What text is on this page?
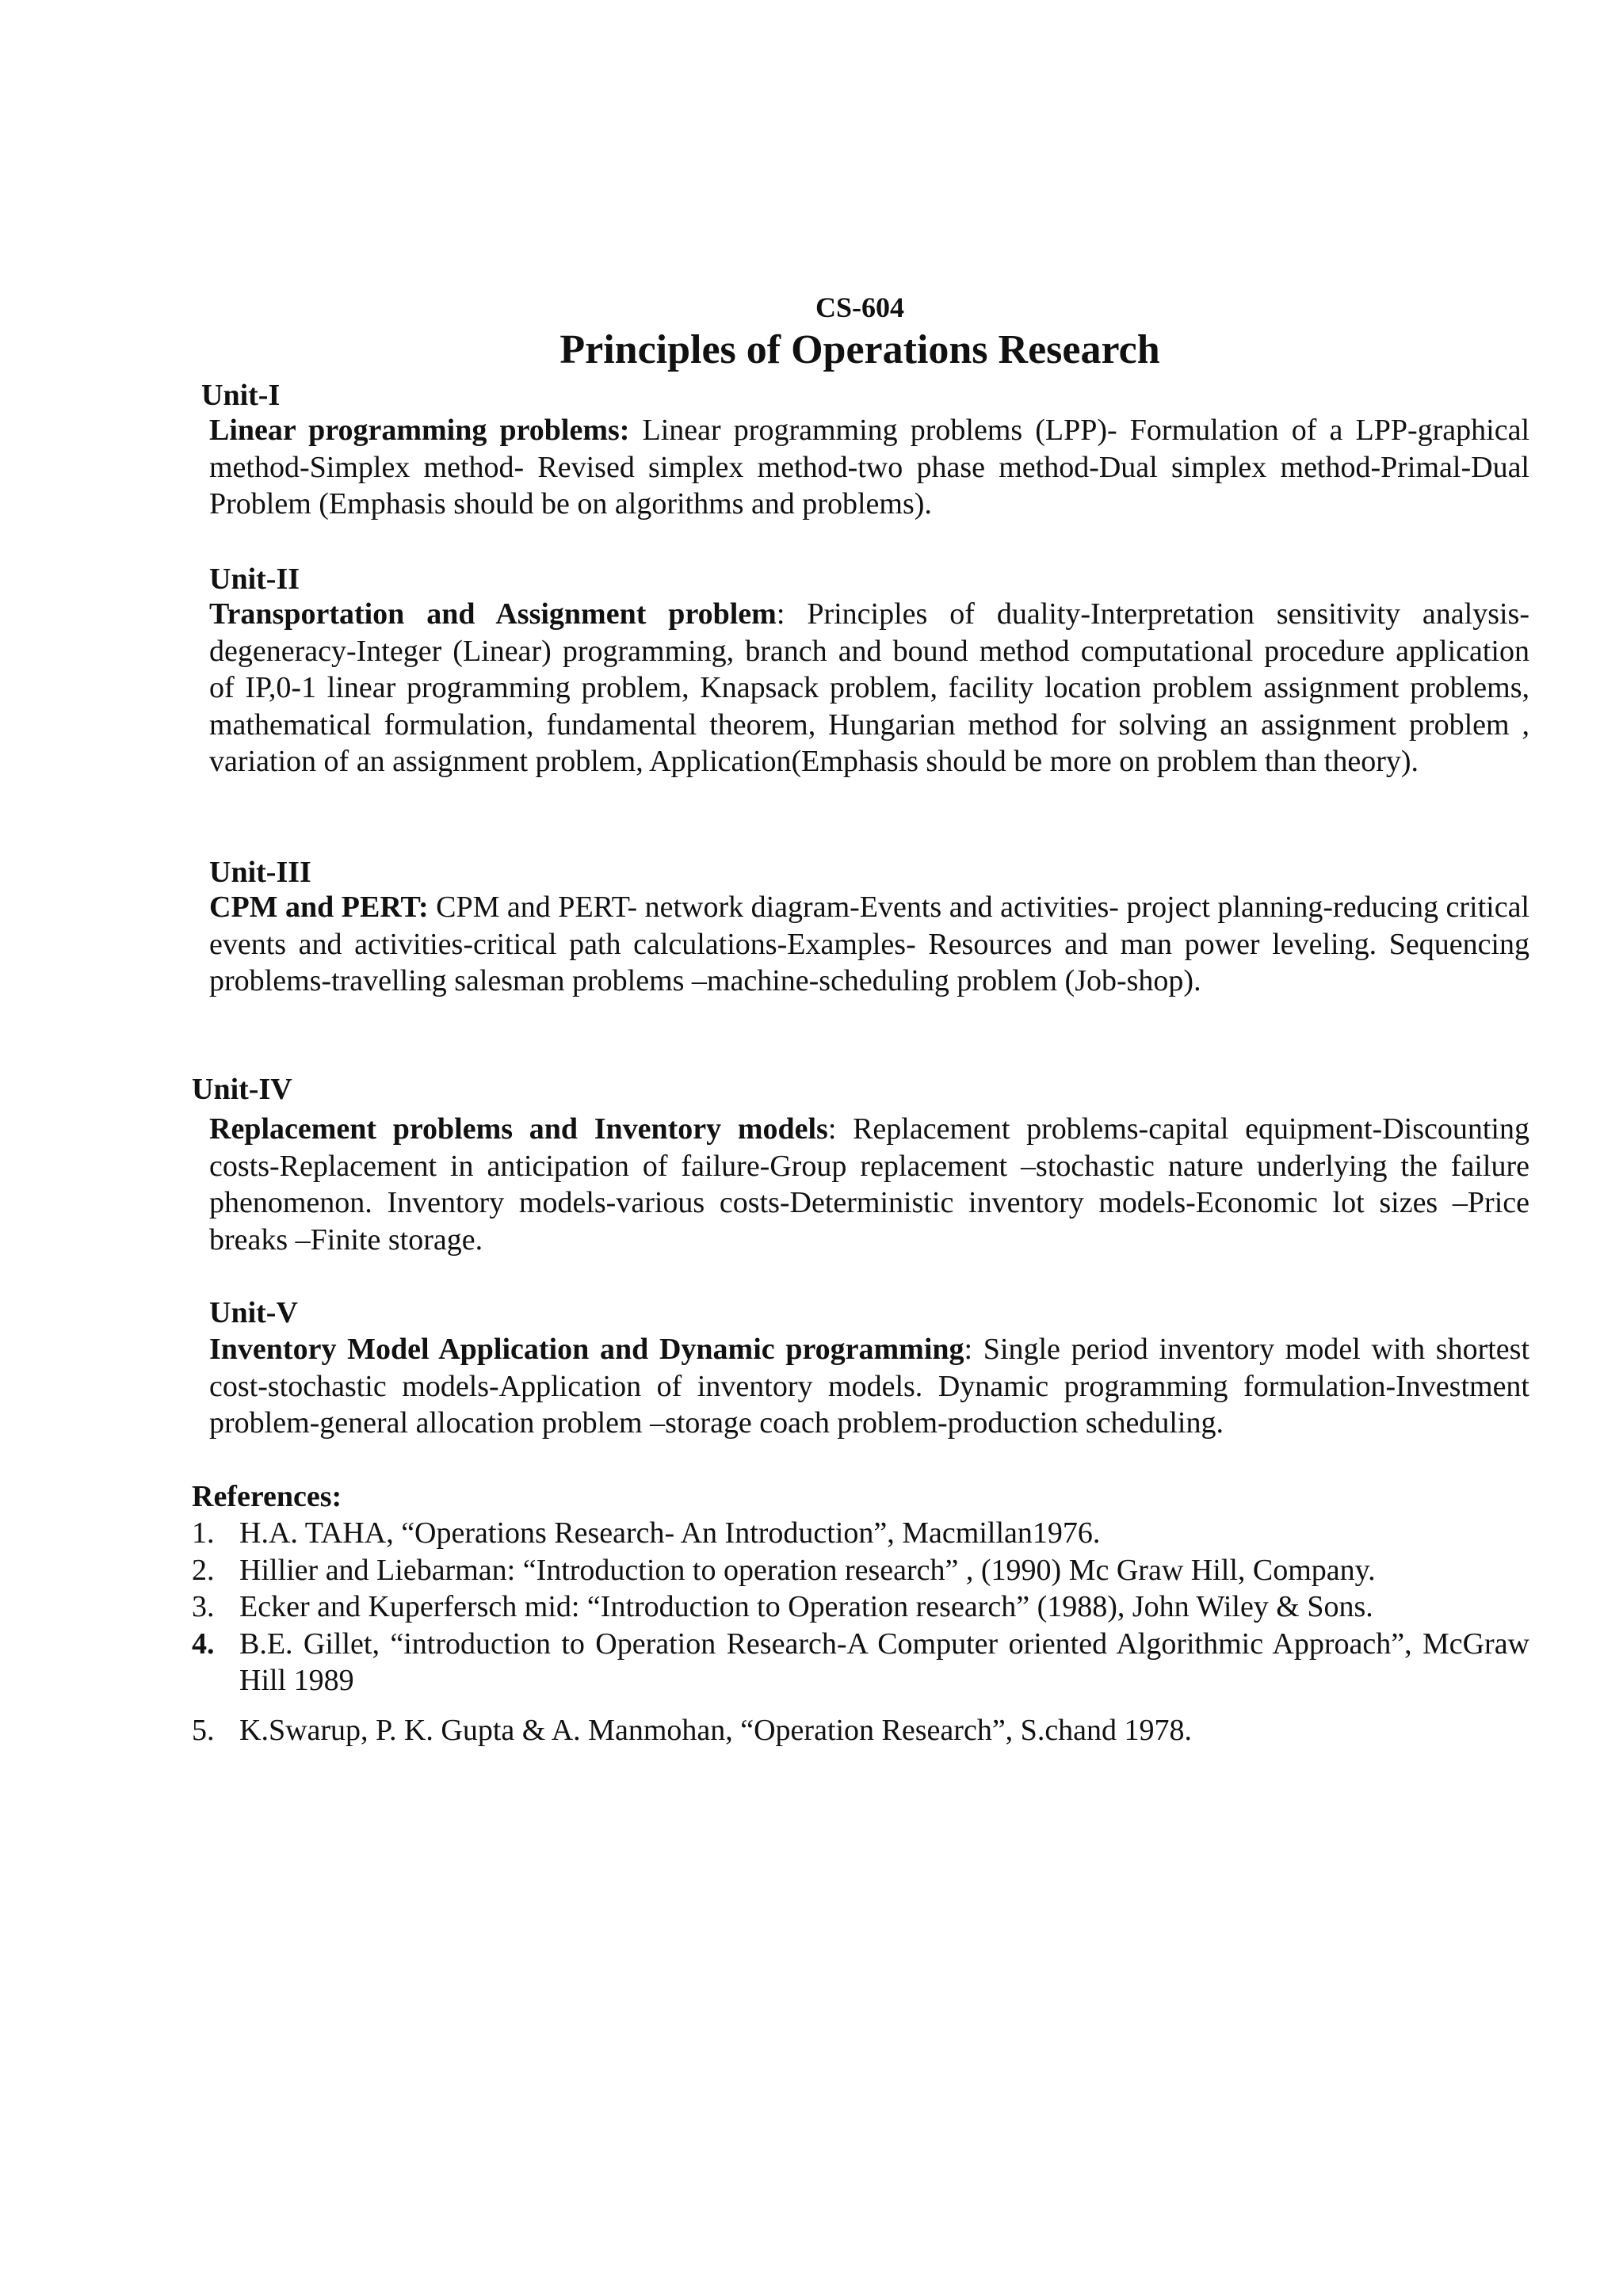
CS-604
Principles of Operations Research
Unit-I

Linear programming problems: Linear programming problems (LPP)- Formulation of a LPP-graphical method-Simplex method- Revised simplex method-two phase method-Dual simplex method-Primal-Dual Problem (Emphasis should be on algorithms and problems).

Unit-II

Transportation and Assignment problem: Principles of duality-Interpretation sensitivity analysis-degeneracy-Integer (Linear) programming, branch and bound method computational procedure application of IP,0-1 linear programming problem, Knapsack problem, facility location problem assignment problems, mathematical formulation, fundamental theorem, Hungarian method for solving an assignment problem , variation of an assignment problem, Application(Emphasis should be more on problem than theory).

Unit-III

CPM and PERT: CPM and PERT- network diagram-Events and activities- project planning-reducing critical events and activities-critical path calculations-Examples- Resources and man power leveling. Sequencing problems-travelling salesman problems –machine-scheduling problem (Job-shop).

Unit-IV

Replacement problems and Inventory models: Replacement problems-capital equipment-Discounting costs-Replacement in anticipation of failure-Group replacement –stochastic nature underlying the failure phenomenon. Inventory models-various costs-Deterministic inventory models-Economic lot sizes –Price breaks –Finite storage.

Unit-V

Inventory Model Application and Dynamic programming: Single period inventory model with shortest cost-stochastic models-Application of inventory models. Dynamic programming formulation-Investment problem-general allocation problem –storage coach problem-production scheduling.

References:
1. H.A. TAHA, “Operations Research- An Introduction”, Macmillan1976.
2. Hillier and Liebarman: “Introduction to operation research” , (1990) Mc Graw Hill, Company.
3. Ecker and Kuperfersch mid: “Introduction to Operation research” (1988), John Wiley & Sons.
4. B.E. Gillet, “introduction to Operation Research-A Computer oriented Algorithmic Approach”, McGraw Hill 1989
5. K.Swarup, P. K. Gupta & A. Manmohan, “Operation Research”, S.chand 1978.
